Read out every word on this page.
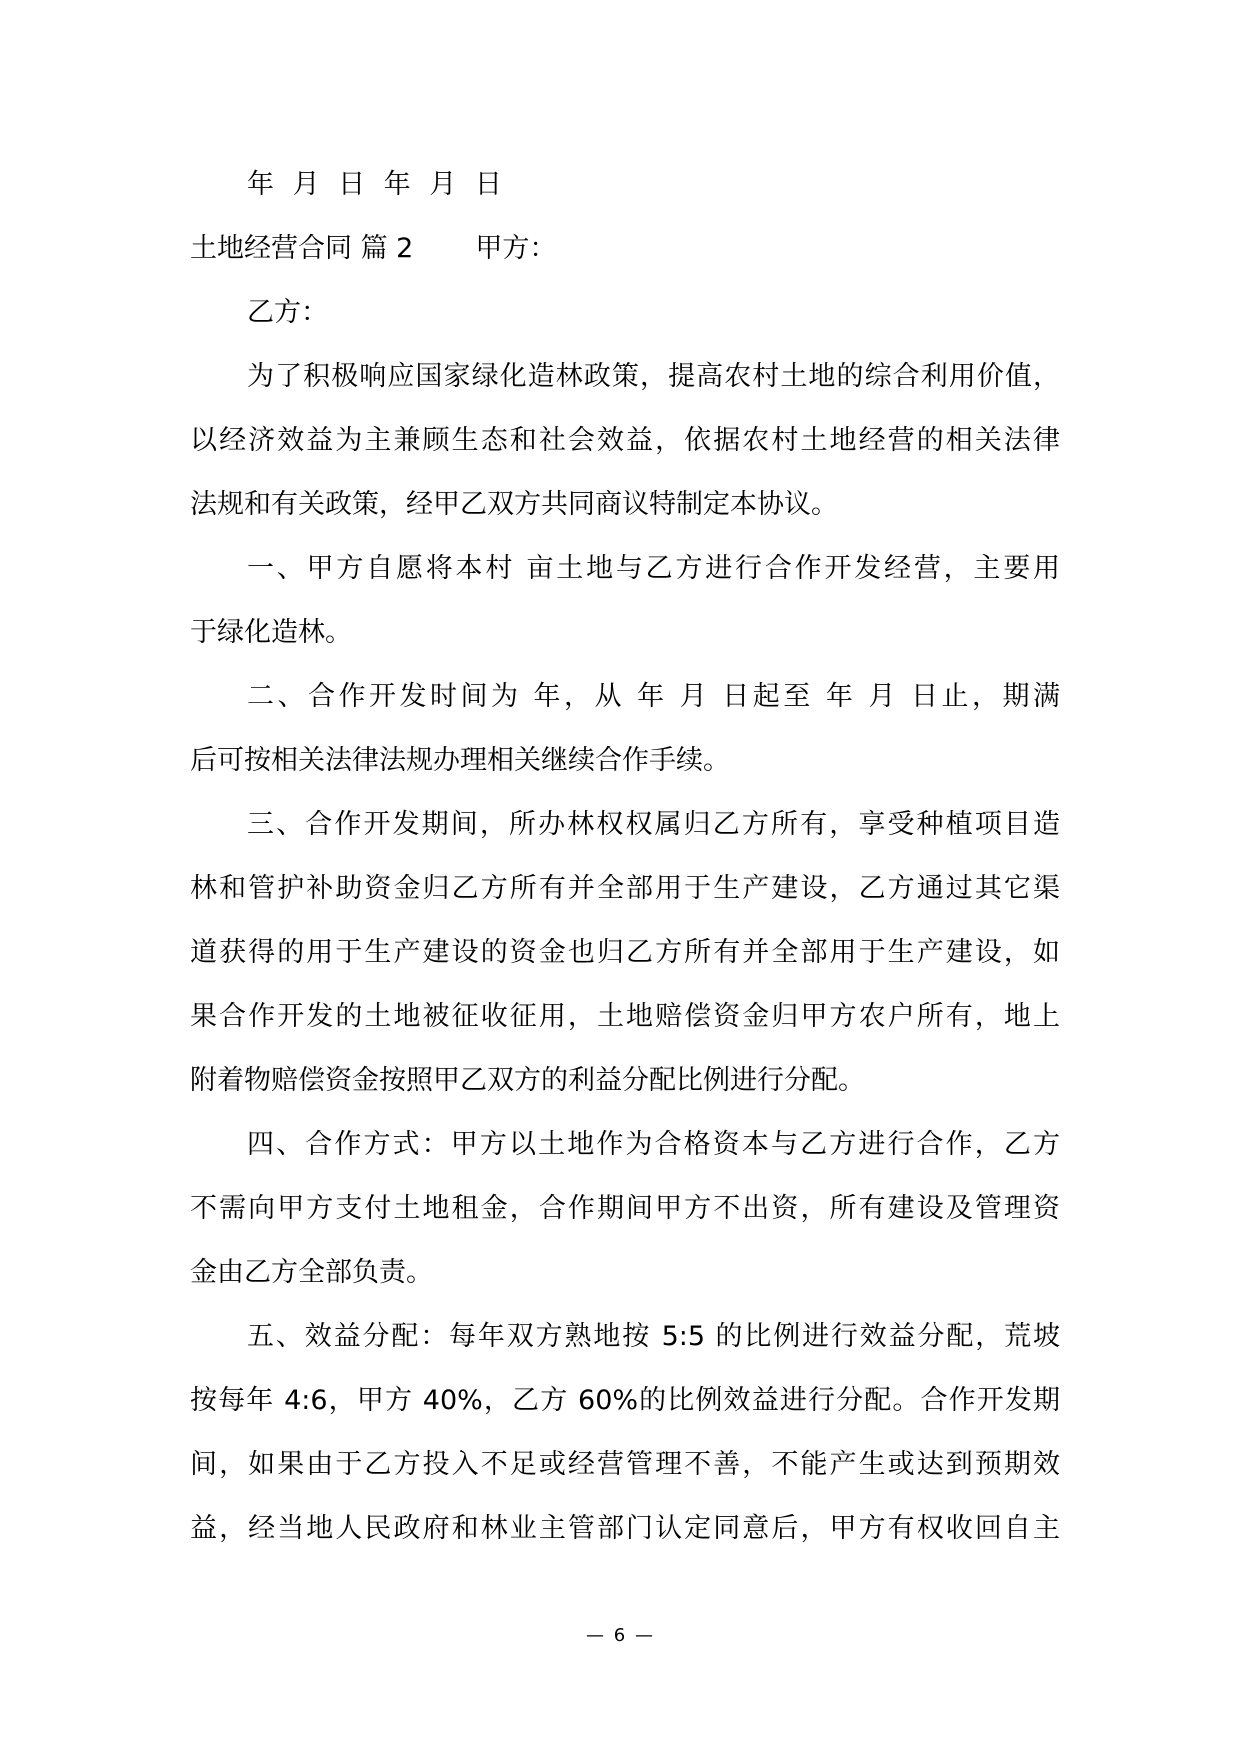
年 月 日 年 月 日
土地经营合同 篇 2 甲方：
乙方：
为了积极响应国家绿化造林政策，提高农村土地的综合利用价值，
以经济效益为主兼顾生态和社会效益，依据农村土地经营的相关法律
法规和有关政策，经甲乙双方共同商议特制定本协议。
一、甲方自愿将本村 亩土地与乙方进行合作开发经营，主要用
于绿化造林。
二、合作开发时间为 年，从 年 月 日起至 年 月 日止，期满
后可按相关法律法规办理相关继续合作手续。
三、合作开发期间，所办林权权属归乙方所有，享受种植项目造
林和管护补助资金归乙方所有并全部用于生产建设，乙方通过其它渠
道获得的用于生产建设的资金也归乙方所有并全部用于生产建设，如
果合作开发的土地被征收征用，土地赔偿资金归甲方农户所有，地上
附着物赔偿资金按照甲乙双方的利益分配比例进行分配。
四、合作方式：甲方以土地作为合格资本与乙方进行合作，乙方
不需向甲方支付土地租金，合作期间甲方不出资，所有建设及管理资
金由乙方全部负责。
五、效益分配：每年双方熟地按 5:5 的比例进行效益分配，荒坡
按每年 4:6，甲方 40%，乙方 60%的比例效益进行分配。合作开发期
间，如果由于乙方投入不足或经营管理不善，不能产生或达到预期效
益，经当地人民政府和林业主管部门认定同意后，甲方有权收回自主
— 6 —
